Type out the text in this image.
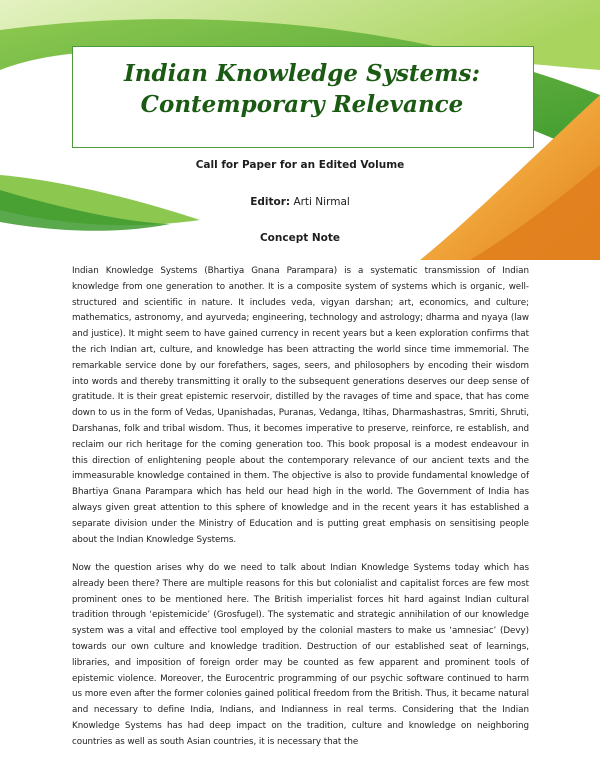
Indian Knowledge Systems:
Contemporary Relevance
Call for Paper for an Edited Volume
Editor: Arti Nirmal
Concept Note

Indian Knowledge Systems (Bhartiya Gnana Parampara) is a systematic transmission of Indian knowledge from one generation to another. It is a composite system of systems which is organic, well- structured and scientific in nature. It includes veda, vigyan darshan; art, economics, and culture; mathematics, astronomy, and ayurveda; engineering, technology and astrology; dharma and nyaya (law and justice). It might seem to have gained currency in recent years but a keen exploration confirms that the rich Indian art, culture, and knowledge has been attracting the world since time immemorial. The remarkable service done by our forefathers, sages, seers, and philosophers by encoding their wisdom into words and thereby transmitting it orally to the subsequent generations deserves our deep sense of gratitude. It is their great epistemic reservoir, distilled by the ravages of time and space, that has come down to us in the form of Vedas, Upanishadas, Puranas, Vedanga, Itihas, Dharmashastras, Smriti, Shruti, Darshanas, folk and tribal wisdom. Thus, it becomes imperative to preserve, reinforce, re establish, and reclaim our rich heritage for the coming generation too. This book proposal is a modest endeavour in this direction of enlightening people about the contemporary relevance of our ancient texts and the immeasurable knowledge contained in them. The objective is also to provide fundamental knowledge of Bhartiya Gnana Parampara which has held our head high in the world. The Government of India has always given great attention to this sphere of knowledge and in the recent years it has established a separate division under the Ministry of Education and is putting great emphasis on sensitising people about the Indian Knowledge Systems.

Now the question arises why do we need to talk about Indian Knowledge Systems today which has already been there? There are multiple reasons for this but colonialist and capitalist forces are few most prominent ones to be mentioned here. The British imperialist forces hit hard against Indian cultural tradition through ‘epistemicide’ (Grosfugel). The systematic and strategic annihilation of our knowledge system was a vital and effective tool employed by the colonial masters to make us ‘amnesiac’ (Devy) towards our own culture and knowledge tradition. Destruction of our established seat of learnings, libraries, and imposition of foreign order may be counted as few apparent and prominent tools of epistemic violence. Moreover, the Eurocentric programming of our psychic software continued to harm us more even after the former colonies gained political freedom from the British. Thus, it became natural and necessary to define India, Indians, and Indianness in real terms. Considering that the Indian Knowledge Systems has had deep impact on the tradition, culture and knowledge on neighboring countries as well as south Asian countries, it is necessary that the
